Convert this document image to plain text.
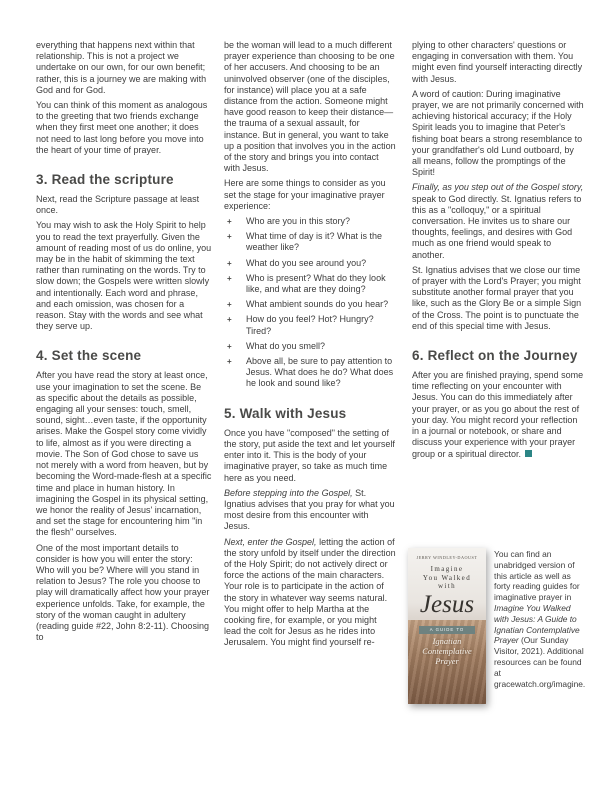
everything that happens next within that relationship. This is not a project we undertake on our own, for our own benefit; rather, this is a journey we are making with God and for God.

You can think of this moment as analogous to the greeting that two friends exchange when they first meet one another; it does not need to last long before you move into the heart of your time of prayer.

3. Read the scripture

Next, read the Scripture passage at least once.

You may wish to ask the Holy Spirit to help you to read the text prayerfully. Given the amount of reading most of us do online, you may be in the habit of skimming the text rather than ruminating on the words. Try to slow down; the Gospels were written slowly and intentionally. Each word and phrase, and each omission, was chosen for a reason. Stay with the words and see what they serve up.

4. Set the scene

After you have read the story at least once, use your imagination to set the scene. Be as specific about the details as possible, engaging all your senses: touch, smell, sound, sight…even taste, if the opportunity arises. Make the Gospel story come vividly to life, almost as if you were directing a movie. The Son of God chose to save us not merely with a word from heaven, but by becoming the Word-made-flesh at a specific time and place in human history. In imagining the Gospel in its physical setting, we honor the reality of Jesus' incarnation, and set the stage for encountering him "in the flesh" ourselves.

One of the most important details to consider is how you will enter the story: Who will you be? Where will you stand in relation to Jesus? The role you choose to play will dramatically affect how your prayer experience unfolds. Take, for example, the story of the woman caught in adultery (reading guide #22, John 8:2-11). Choosing to

be the woman will lead to a much different prayer experience than choosing to be one of her accusers. And choosing to be an uninvolved observer (one of the disciples, for instance) will place you at a safe distance from the action. Someone might have good reason to keep their distance—the trauma of a sexual assault, for instance. But in general, you want to take up a position that involves you in the action of the story and brings you into contact with Jesus.

Here are some things to consider as you set the stage for your imaginative prayer experience:

+ Who are you in this story?
+ What time of day is it? What is the weather like?
+ What do you see around you?
+ Who is present? What do they look like, and what are they doing?
+ What ambient sounds do you hear?
+ How do you feel? Hot? Hungry? Tired?
+ What do you smell?
+ Above all, be sure to pay attention to Jesus. What does he do? What does he look and sound like?
5. Walk with Jesus

Once you have "composed" the setting of the story, put aside the text and let yourself enter into it. This is the body of your imaginative prayer, so take as much time here as you need.

Before stepping into the Gospel, St. Ignatius advises that you pray for what you most desire from this encounter with Jesus.

Next, enter the Gospel, letting the action of the story unfold by itself under the direction of the Holy Spirit; do not actively direct or force the actions of the main characters. Your role is to participate in the action of the story in whatever way seems natural. You might offer to help Martha at the cooking fire, for example, or you might lead the colt for Jesus as he rides into Jerusalem. You might find yourself re-

plying to other characters' questions or engaging in conversation with them. You might even find yourself interacting directly with Jesus.

A word of caution: During imaginative prayer, we are not primarily concerned with achieving historical accuracy; if the Holy Spirit leads you to imagine that Peter's fishing boat bears a strong resemblance to your grandfather's old Lund outboard, by all means, follow the promptings of the Spirit!

Finally, as you step out of the Gospel story, speak to God directly. St. Ignatius refers to this as a "colloquy," or a spiritual conversation. He invites us to share our thoughts, feelings, and desires with God much as one friend would speak to another.

St. Ignatius advises that we close our time of prayer with the Lord's Prayer; you might substitute another formal prayer that you like, such as the Glory Be or a simple Sign of the Cross. The point is to punctuate the end of this special time with Jesus.

6. Reflect on the Journey

After you are finished praying, spend some time reflecting on your encounter with Jesus. You can do this immediately after your prayer, or as you go about the rest of your day. You might record your reflection in a journal or notebook, or share and discuss your experience with your prayer group or a spiritual director.

JERRY WINDLEY-DAOUST
Imagine
You Walked
with
Jesus
A GUIDE TO
Ignatian
Contemplative
Prayer
You can find an unabridged version of this article as well as forty reading guides for imaginative prayer in Imagine You Walked with Jesus: A Guide to Ignatian Contemplative Prayer (Our Sunday Visitor, 2021). Additional resources can be found at gracewatch.org/imagine.
